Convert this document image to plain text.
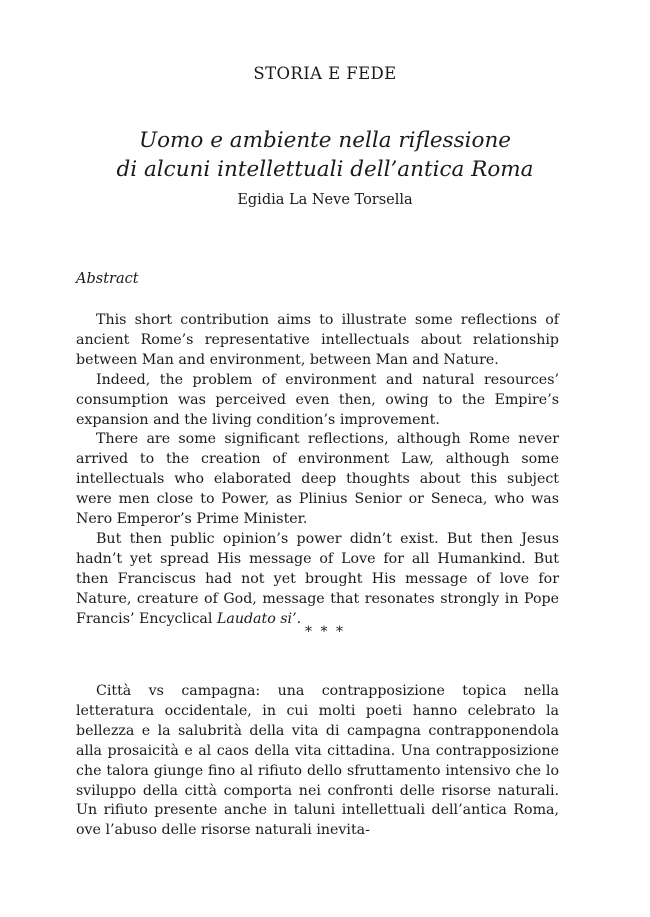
STORIA E FEDE
Uomo e ambiente nella riflessione
di alcuni intellettuali dell’antica Roma
Egidia La Neve Torsella
Abstract

This short contribution aims to illustrate some reflections of ancient Rome’s representative intellectuals about relationship between Man and environment, between Man and Nature.

Indeed, the problem of environment and natural resources’ consumption was perceived even then, owing to the Empire’s expansion and the living condition’s improvement.

There are some significant reflections, although Rome never arrived to the creation of environment Law, although some intellectuals who elaborated deep thoughts about this subject were men close to Power, as Plinius Senior or Seneca, who was Nero Emperor’s Prime Minister.

But then public opinion’s power didn’t exist. But then Jesus hadn’t yet spread His message of Love for all Humankind. But then Franciscus had not yet brought His message of love for Nature, creature of God, message that resonates strongly in Pope Francis’ Encyclical Laudato si’.

* * *

Città vs campagna: una contrapposizione topica nella letteratura occidentale, in cui molti poeti hanno celebrato la bellezza e la salubrità della vita di campagna contrapponendola alla prosaicità e al caos della vita cittadina. Una contrapposizione che talora giunge fino al rifiuto dello sfruttamento intensivo che lo sviluppo della città comporta nei confronti delle risorse naturali. Un rifiuto presente anche in taluni intellettuali dell’antica Roma, ove l’abuso delle risorse naturali inevita-
